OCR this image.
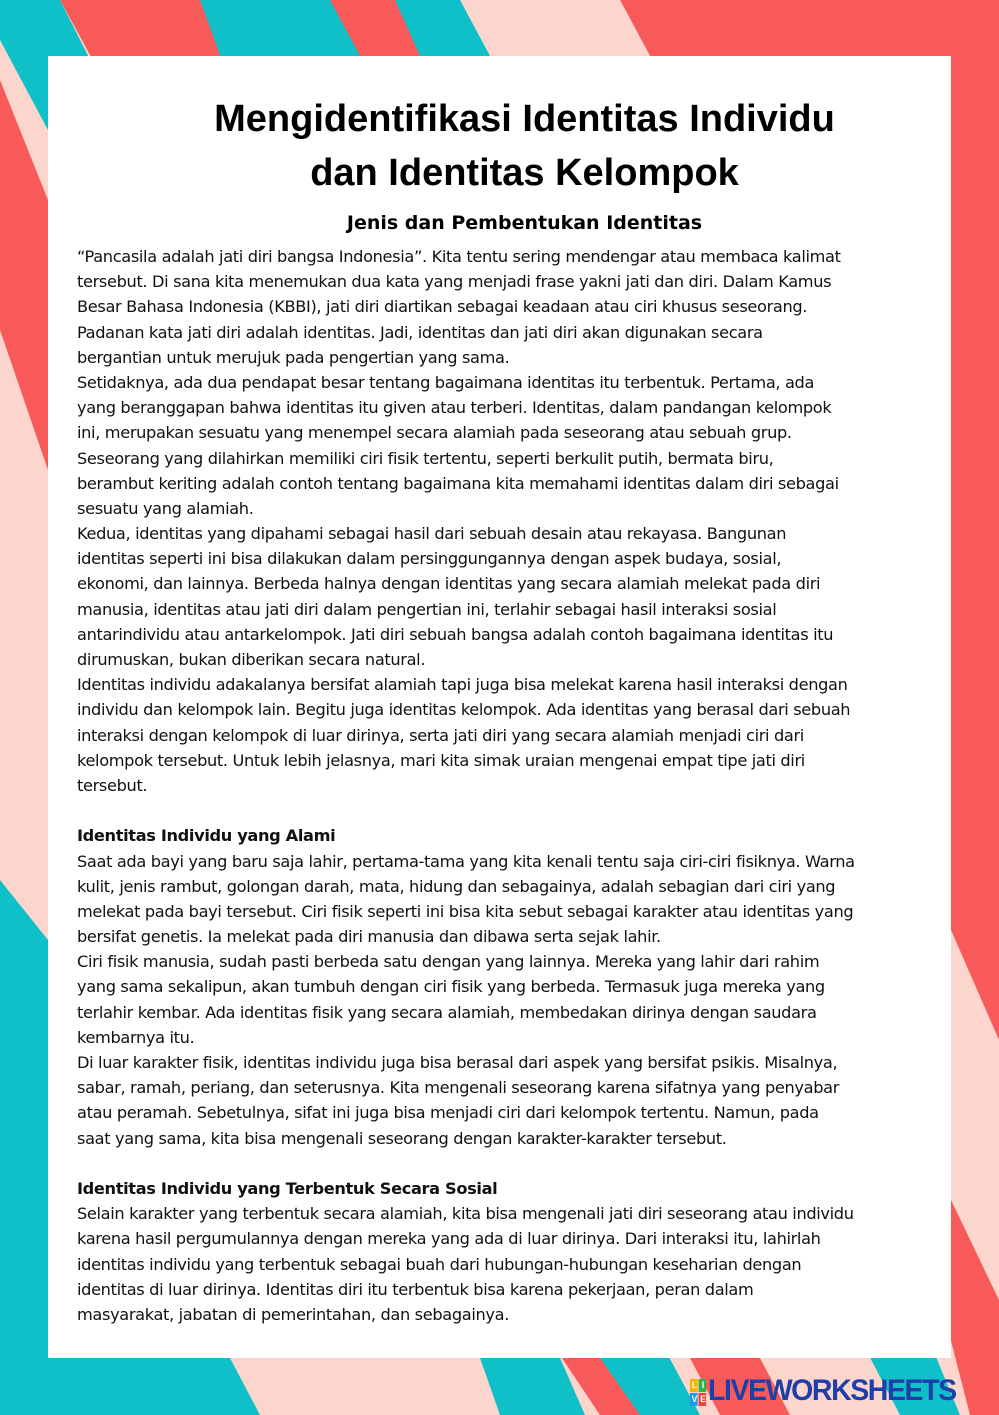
Mengidentifikasi Identitas Individu
dan Identitas Kelompok
Jenis dan Pembentukan Identitas
“Pancasila adalah jati diri bangsa Indonesia”. Kita tentu sering mendengar atau membaca kalimat
tersebut. Di sana kita menemukan dua kata yang menjadi frase yakni jati dan diri. Dalam Kamus
Besar Bahasa Indonesia (KBBI), jati diri diartikan sebagai keadaan atau ciri khusus seseorang.
Padanan kata jati diri adalah identitas. Jadi, identitas dan jati diri akan digunakan secara
bergantian untuk merujuk pada pengertian yang sama.
Setidaknya, ada dua pendapat besar tentang bagaimana identitas itu terbentuk. Pertama, ada
yang beranggapan bahwa identitas itu given atau terberi. Identitas, dalam pandangan kelompok
ini, merupakan sesuatu yang menempel secara alamiah pada seseorang atau sebuah grup.
Seseorang yang dilahirkan memiliki ciri fisik tertentu, seperti berkulit putih, bermata biru,
berambut keriting adalah contoh tentang bagaimana kita memahami identitas dalam diri sebagai
sesuatu yang alamiah.
Kedua, identitas yang dipahami sebagai hasil dari sebuah desain atau rekayasa. Bangunan
identitas seperti ini bisa dilakukan dalam persinggungannya dengan aspek budaya, sosial,
ekonomi, dan lainnya. Berbeda halnya dengan identitas yang secara alamiah melekat pada diri
manusia, identitas atau jati diri dalam pengertian ini, terlahir sebagai hasil interaksi sosial
antarindividu atau antarkelompok. Jati diri sebuah bangsa adalah contoh bagaimana identitas itu
dirumuskan, bukan diberikan secara natural.
Identitas individu adakalanya bersifat alamiah tapi juga bisa melekat karena hasil interaksi dengan
individu dan kelompok lain. Begitu juga identitas kelompok. Ada identitas yang berasal dari sebuah
interaksi dengan kelompok di luar dirinya, serta jati diri yang secara alamiah menjadi ciri dari
kelompok tersebut. Untuk lebih jelasnya, mari kita simak uraian mengenai empat tipe jati diri
tersebut.
Identitas Individu yang Alami
Saat ada bayi yang baru saja lahir, pertama-tama yang kita kenali tentu saja ciri-ciri fisiknya. Warna
kulit, jenis rambut, golongan darah, mata, hidung dan sebagainya, adalah sebagian dari ciri yang
melekat pada bayi tersebut. Ciri fisik seperti ini bisa kita sebut sebagai karakter atau identitas yang
bersifat genetis. Ia melekat pada diri manusia dan dibawa serta sejak lahir.
Ciri fisik manusia, sudah pasti berbeda satu dengan yang lainnya. Mereka yang lahir dari rahim
yang sama sekalipun, akan tumbuh dengan ciri fisik yang berbeda. Termasuk juga mereka yang
terlahir kembar. Ada identitas fisik yang secara alamiah, membedakan dirinya dengan saudara
kembarnya itu.
Di luar karakter fisik, identitas individu juga bisa berasal dari aspek yang bersifat psikis. Misalnya,
sabar, ramah, periang, dan seterusnya. Kita mengenali seseorang karena sifatnya yang penyabar
atau peramah. Sebetulnya, sifat ini juga bisa menjadi ciri dari kelompok tertentu. Namun, pada
saat yang sama, kita bisa mengenali seseorang dengan karakter-karakter tersebut.
Identitas Individu yang Terbentuk Secara Sosial
Selain karakter yang terbentuk secara alamiah, kita bisa mengenali jati diri seseorang atau individu
karena hasil pergumulannya dengan mereka yang ada di luar dirinya. Dari interaksi itu, lahirlah
identitas individu yang terbentuk sebagai buah dari hubungan-hubungan keseharian dengan
identitas di luar dirinya. Identitas diri itu terbentuk bisa karena pekerjaan, peran dalam
masyarakat, jabatan di pemerintahan, dan sebagainya.
L I
V E LIVEWORKSHEETS
